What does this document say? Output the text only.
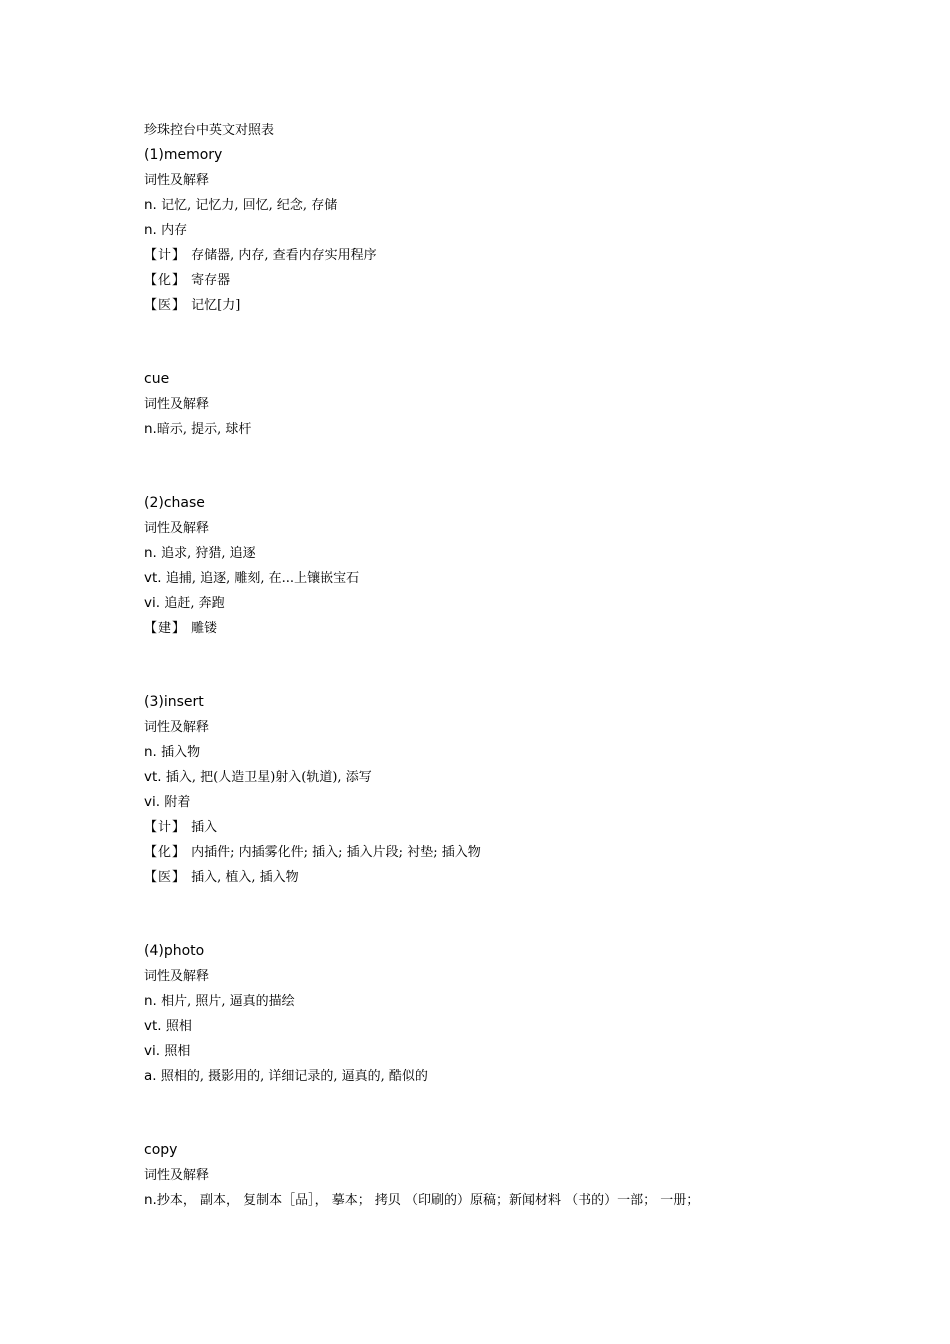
珍珠控台中英文对照表
(1)memory
词性及解释
n. 记忆, 记忆力, 回忆, 纪念, 存储
n. 内存
【计】 存储器, 内存, 查看内存实用程序
【化】 寄存器
【医】 记忆[力]
cue
词性及解释
n.暗示, 提示, 球杆
(2)chase
词性及解释
n. 追求, 狩猎, 追逐
vt. 追捕, 追逐, 雕刻, 在...上镶嵌宝石
vi. 追赶, 奔跑
【建】 雕镂
(3)insert
词性及解释
n. 插入物
vt. 插入, 把(人造卫星)射入(轨道), 添写
vi. 附着
【计】 插入
【化】 内插件; 内插雾化件; 插入; 插入片段; 衬垫; 插入物
【医】 插入, 植入, 插入物
(4)photo
词性及解释
n. 相片, 照片, 逼真的描绘
vt. 照相
vi. 照相
a. 照相的, 摄影用的, 详细记录的, 逼真的, 酷似的
copy
词性及解释
n.抄本， 副本， 复制本［品］， 摹本； 拷贝 （印刷的）原稿；新闻材料 （书的）一部； 一册；
